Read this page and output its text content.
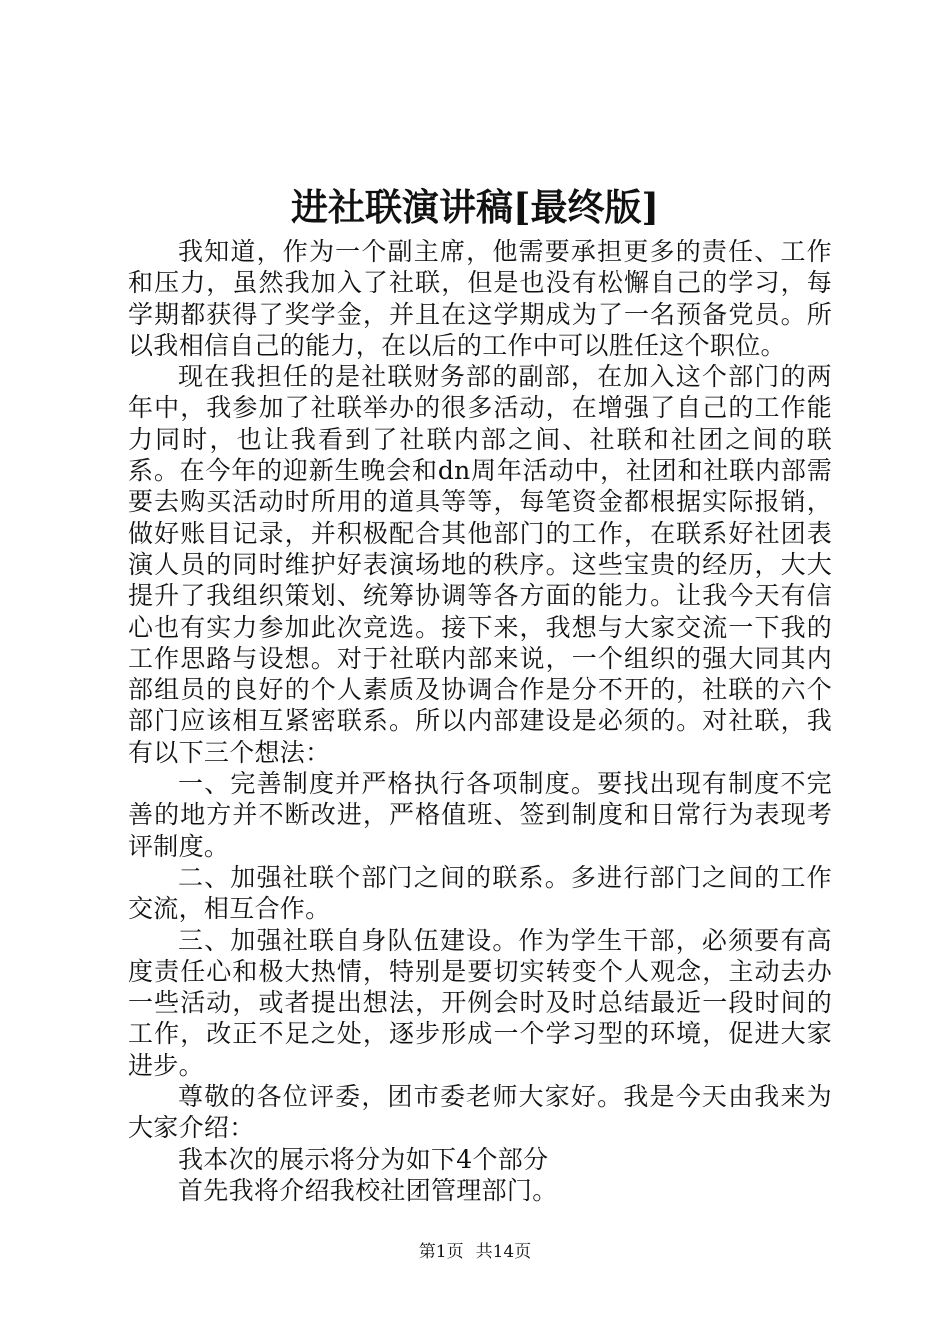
进社联演讲稿[最终版]

我知道，作为一个副主席，他需要承担更多的责任、工作和压力，虽然我加入了社联，但是也没有松懈自己的学习，每学期都获得了奖学金，并且在这学期成为了一名预备党员。所以我相信自己的能力，在以后的工作中可以胜任这个职位。

现在我担任的是社联财务部的副部，在加入这个部门的两年中，我参加了社联举办的很多活动，在增强了自己的工作能力同时，也让我看到了社联内部之间、社联和社团之间的联系。在今年的迎新生晚会和dn周年活动中，社团和社联内部需要去购买活动时所用的道具等等，每笔资金都根据实际报销，做好账目记录，并积极配合其他部门的工作，在联系好社团表演人员的同时维护好表演场地的秩序。这些宝贵的经历，大大提升了我组织策划、统筹协调等各方面的能力。让我今天有信心也有实力参加此次竞选。接下来，我想与大家交流一下我的工作思路与设想。对于社联内部来说，一个组织的强大同其内部组员的良好的个人素质及协调合作是分不开的，社联的六个部门应该相互紧密联系。所以内部建设是必须的。对社联，我有以下三个想法：

一、完善制度并严格执行各项制度。要找出现有制度不完善的地方并不断改进，严格值班、签到制度和日常行为表现考评制度。

二、加强社联个部门之间的联系。多进行部门之间的工作交流，相互合作。

三、加强社联自身队伍建设。作为学生干部，必须要有高度责任心和极大热情，特别是要切实转变个人观念，主动去办一些活动，或者提出想法，开例会时及时总结最近一段时间的工作，改正不足之处，逐步形成一个学习型的环境，促进大家进步。

尊敬的各位评委，团市委老师大家好。我是今天由我来为大家介绍：

我本次的展示将分为如下4个部分

首先我将介绍我校社团管理部门。

第1页 共14页
